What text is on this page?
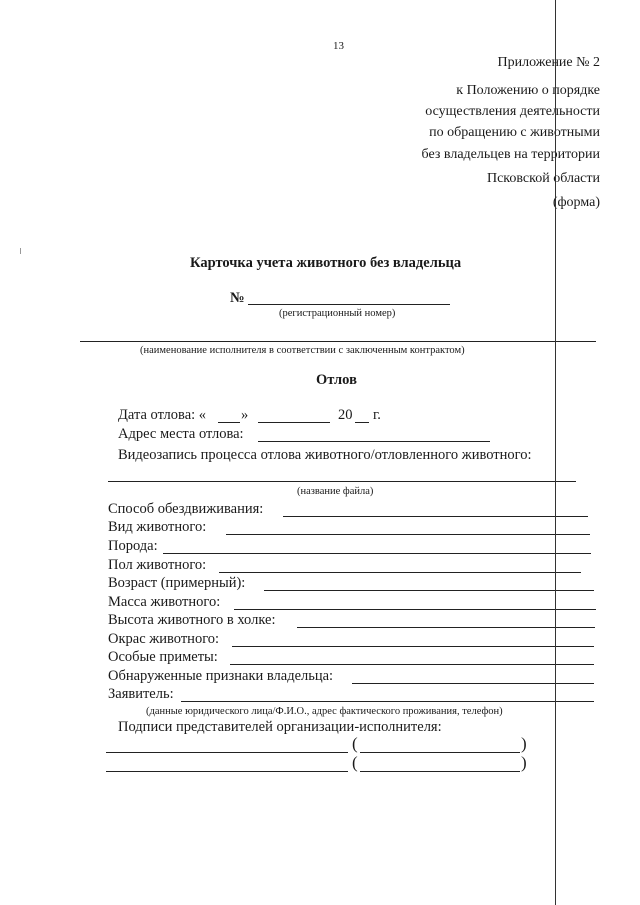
13
Приложение № 2
к Положению о порядке
осуществления деятельности
по обращению с животными
без владельцев на территории
Псковской области
(форма)
Карточка учета животного без владельца
№
(регистрационный номер)
(наименование исполнителя в соответствии с заключенным контрактом)
Отлов
Дата отлова: « »	20 г.
Адрес места отлова:
Видеозапись процесса отлова животного/отловленного животного:
(название файла)
Способ обездвиживания:
Вид животного:
Порода:
Пол животного:
Возраст (примерный):
Масса животного:
Высота животного в холке:
Окрас животного:
Особые приметы:
Обнаруженные признаки владельца:
Заявитель:
(данные юридического лица/Ф.И.О., адрес фактического проживания, телефон)
Подписи представителей организации-исполнителя:
(	)
(	)
